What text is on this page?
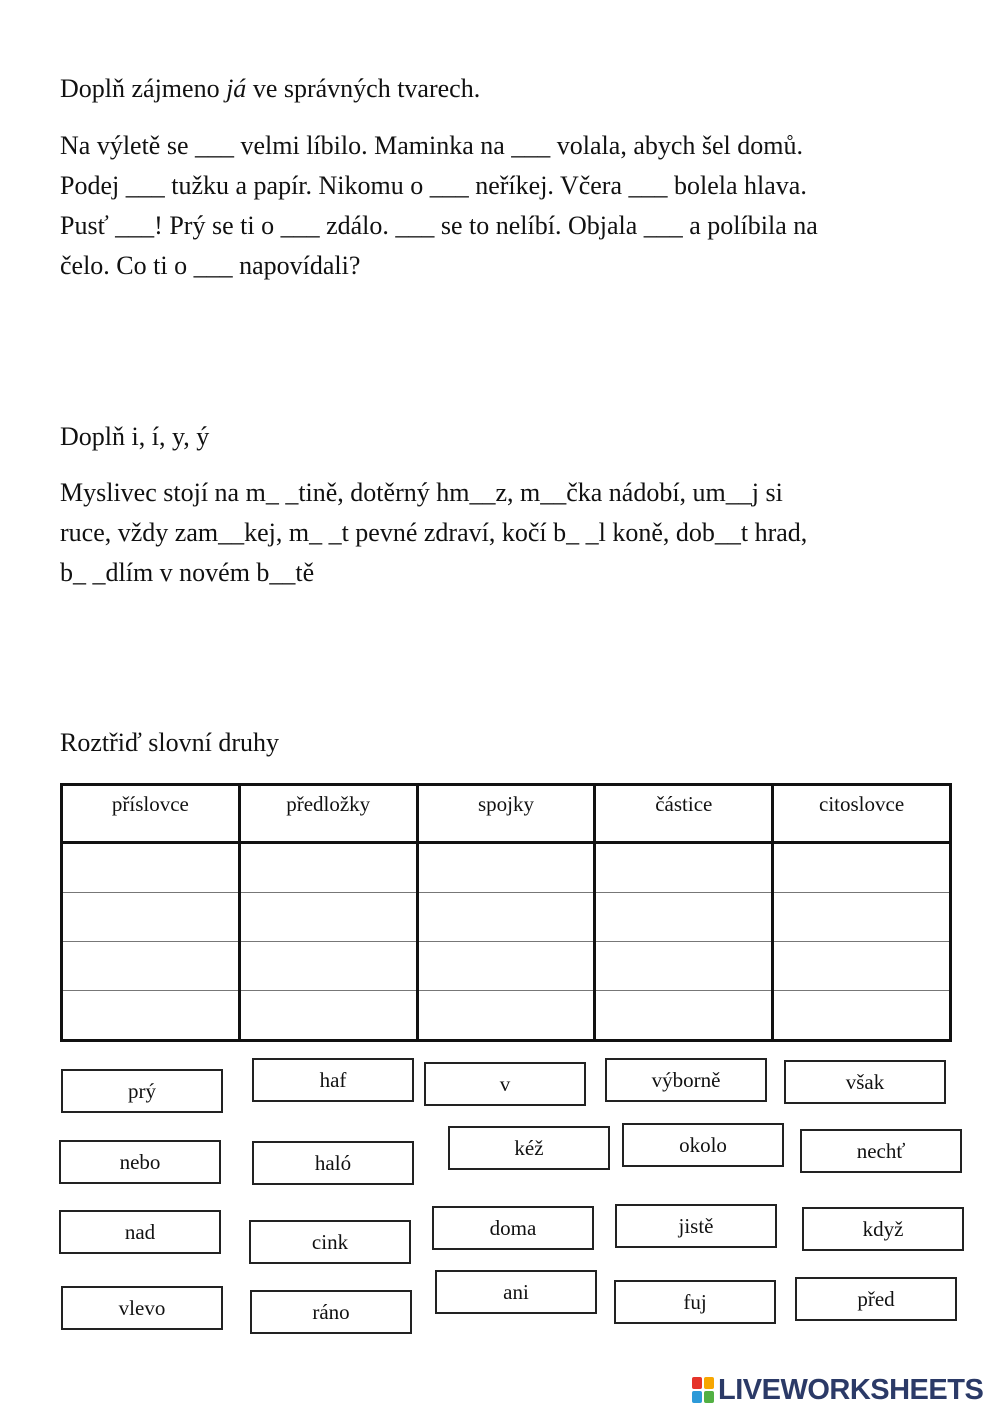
Doplň zájmeno já ve správných tvarech.
Na výletě se ___ velmi líbilo. Maminka na ___ volala, abych šel domů.
Podej ___ tužku a papír. Nikomu o ___ neříkej. Včera ___ bolela hlava.
Pusť ___! Prý se ti o ___ zdálo. ___ se to nelíbí. Objala ___ a políbila na
čelo. Co ti o ___ napovídali?
Doplň i, í, y, ý
Myslivec stojí na m_ _tině, dotěrný hm__z, m__čka nádobí, um__j si
ruce, vždy zam__kej, m_ _t pevné zdraví, kočí b_ _l koně, dob__t hrad,
b_ _dlím v novém b__tě
Roztřiď slovní druhy
příslovce	předložky	spojky	částice	citoslovce

prý	haf	v	výborně	však
nebo	haló
kéž	okolo	nechť
nad	cink
doma	jistě	když
vlevo	ráno
ani	fuj	před
LIVEWORKSHEETS
